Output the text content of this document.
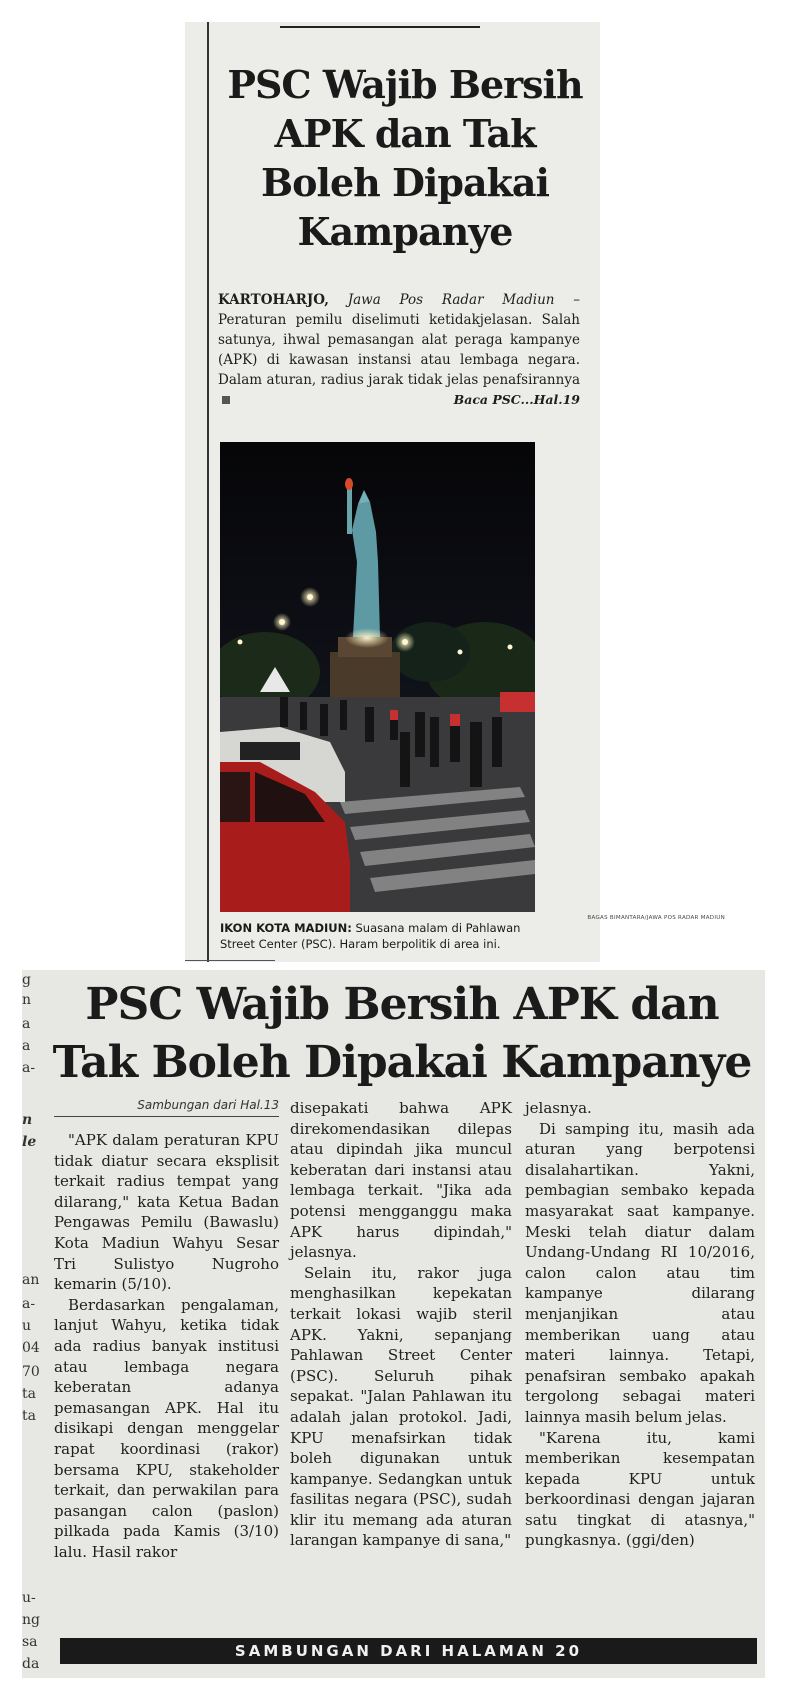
PSC Wajib Bersih APK dan Tak Boleh Dipakai Kampanye

KARTOHARJO, Jawa Pos Radar Madiun – Peraturan pemilu diselimuti ketidakjelasan. Salah satunya, ihwal pemasangan alat peraga kampanye (APK) di kawasan instansi atau lembaga negara. Dalam aturan, radius jarak tidak jelas penafsirannya
Baca PSC...Hal.19

BAGAS BIMANTARA/JAWA POS RADAR MADIUN
IKON KOTA MADIUN: Suasana malam di Pahlawan Street Center (PSC). Haram berpolitik di area ini.
g
n
a
a
a-
n
le
an
a-
u
04
70
ta
ta
u-
ng
sa
da
PSC Wajib Bersih APK dan Tak Boleh Dipakai Kampanye
Sambungan dari Hal.13

"APK dalam peraturan KPU tidak diatur secara eksplisit terkait radius tempat yang dilarang," kata Ketua Badan Pengawas Pemilu (Bawaslu) Kota Madiun Wahyu Sesar Tri Sulistyo Nugroho kemarin (5/10).

Berdasarkan pengalaman, lanjut Wahyu, ketika tidak ada radius banyak institusi atau lembaga negara keberatan adanya pemasangan APK. Hal itu disikapi dengan menggelar rapat koordinasi (rakor) bersama KPU, stakeholder terkait, dan perwakilan para pasangan calon (paslon) pilkada pada Kamis (3/10) lalu. Hasil rakor

disepakati bahwa APK direkomendasikan dilepas atau dipindah jika muncul keberatan dari instansi atau lembaga terkait. "Jika ada potensi mengganggu maka APK harus dipindah," jelasnya.

Selain itu, rakor juga menghasilkan kepekatan terkait lokasi wajib steril APK. Yakni, sepanjang Pahlawan Street Center (PSC). Seluruh pihak sepakat. "Jalan Pahlawan itu adalah jalan protokol. Jadi, KPU menafsirkan tidak boleh digunakan untuk kampanye. Sedangkan untuk fasilitas negara (PSC), sudah klir itu memang ada aturan larangan kampanye di sana,"

jelasnya.

Di samping itu, masih ada aturan yang berpotensi disalahartikan. Yakni, pembagian sembako kepada masyarakat saat kampanye. Meski telah diatur dalam Undang-Undang RI 10/2016, calon calon atau tim kampanye dilarang menjanjikan atau memberikan uang atau materi lainnya. Tetapi, penafsiran sembako apakah tergolong sebagai materi lainnya masih belum jelas.

"Karena itu, kami memberikan kesempatan kepada KPU untuk berkoordinasi dengan jajaran satu tingkat di atasnya," pungkasnya. (ggi/den)

SAMBUNGAN DARI HALAMAN 20
